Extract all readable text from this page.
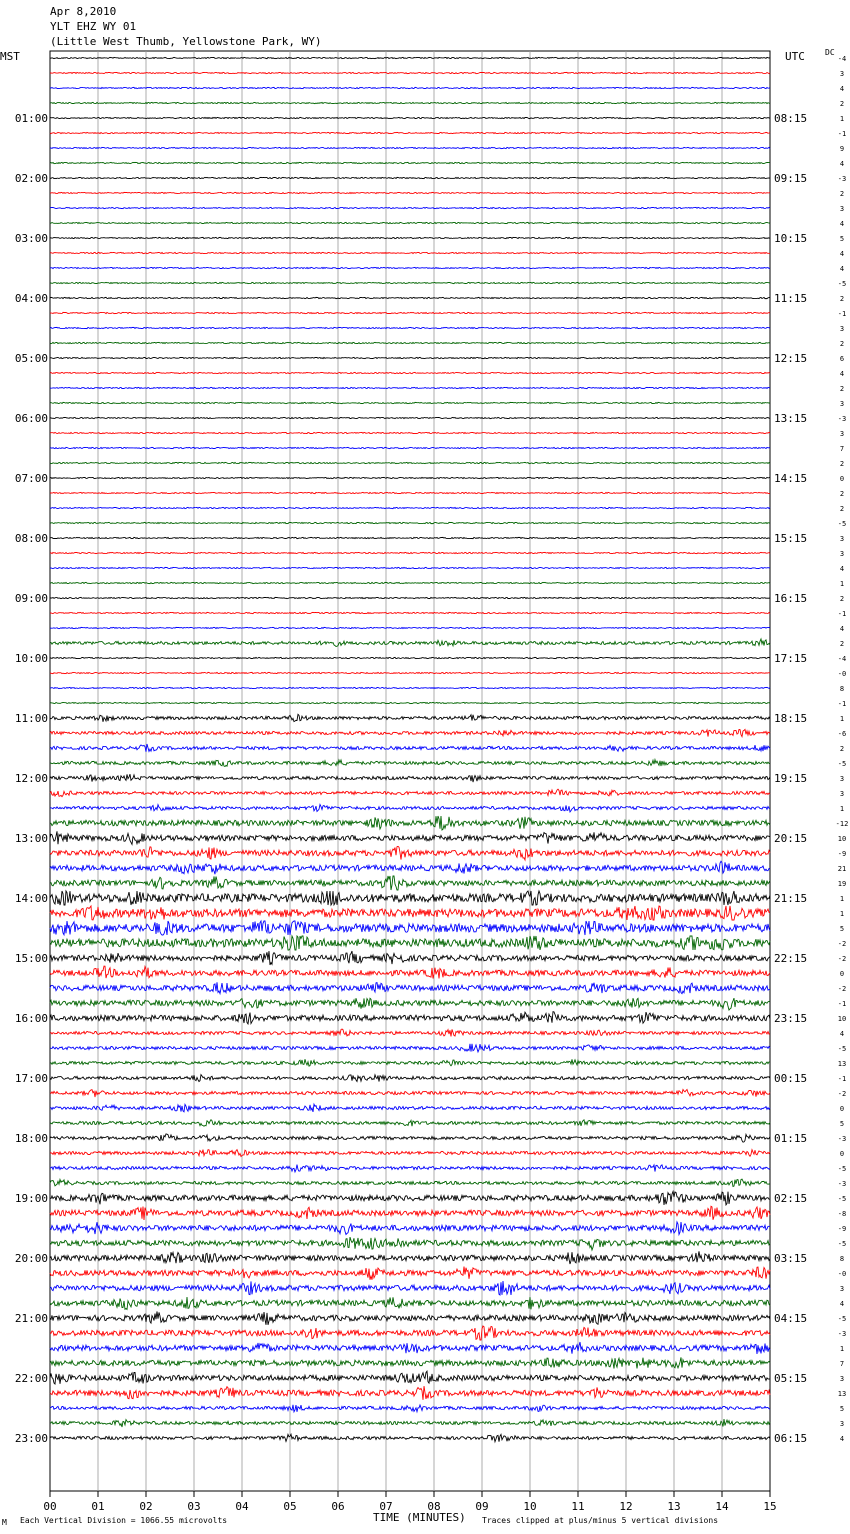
Apr 8,2010
YLT EHZ WY 01
(Little West Thumb, Yellowstone Park, WY)
MST	UTC	DC
00	01	02	03	04	05	06	07	08	09	10	11	12	13	14	15
-4
3
4
2
1
-1
9
4
-3
2
3
4
5
4
4
-5
2
-1
3
2
6
4
2
3
-3
3
7
2
0
2
2
-5
3
3
4
1
2
-1
4
2
-4
-0
8
-1
1
-6
2
-5
3
3
1
-12
10
-9
21
19
1
1
5
-2
-2
0
-2
-1
10
4
-5
13
-1
-2
0
5
-3
0
-5
-3
-5
-8
-9
-5
8
-0
3
4
-5
-3
1
7
3
13
5
3
4
01:00
02:00
03:00
04:00
05:00
06:00
07:00
08:00
09:00
10:00
11:00
12:00
13:00
14:00
15:00
16:00
17:00
18:00
19:00
20:00
21:00
22:00
23:00
08:15
09:15
10:15
11:15
12:15
13:15
14:15
15:15
16:15
17:15
18:15
19:15
20:15
21:15
22:15
23:15
00:15
01:15
02:15
03:15
04:15
05:15
06:15
M Each Vertical Division = 1066.55 microvolts	TIME (MINUTES) Traces clipped at plus/minus 5 vertical divisions
